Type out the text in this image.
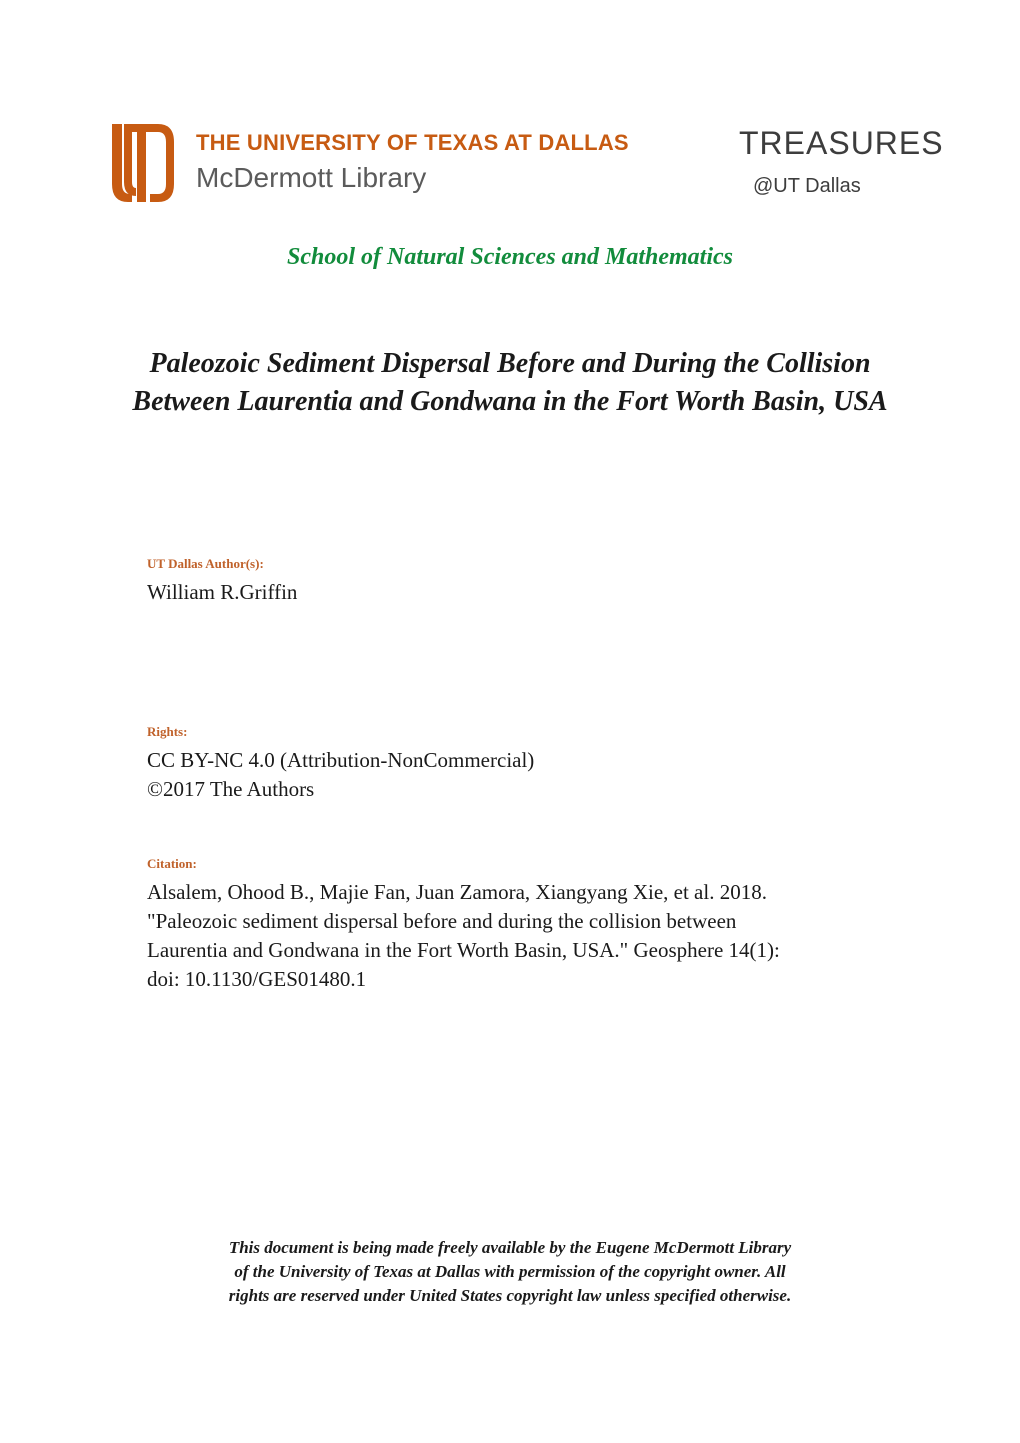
THE UNIVERSITY OF TEXAS AT DALLAS
McDermott Library
TREASURES
@UT Dallas
School of Natural Sciences and Mathematics
Paleozoic Sediment Dispersal Before and During the Collision
Between Laurentia and Gondwana in the Fort Worth Basin, USA
UT Dallas Author(s):
William R.Griffin
Rights:
CC BY-NC 4.0 (Attribution-NonCommercial)
©2017 The Authors
Citation:
Alsalem, Ohood B., Majie Fan, Juan Zamora, Xiangyang Xie, et al. 2018.
"Paleozoic sediment dispersal before and during the collision between
Laurentia and Gondwana in the Fort Worth Basin, USA." Geosphere 14(1):
doi: 10.1130/GES01480.1
This document is being made freely available by the Eugene McDermott Library
of the University of Texas at Dallas with permission of the copyright owner. All
rights are reserved under United States copyright law unless specified otherwise.
